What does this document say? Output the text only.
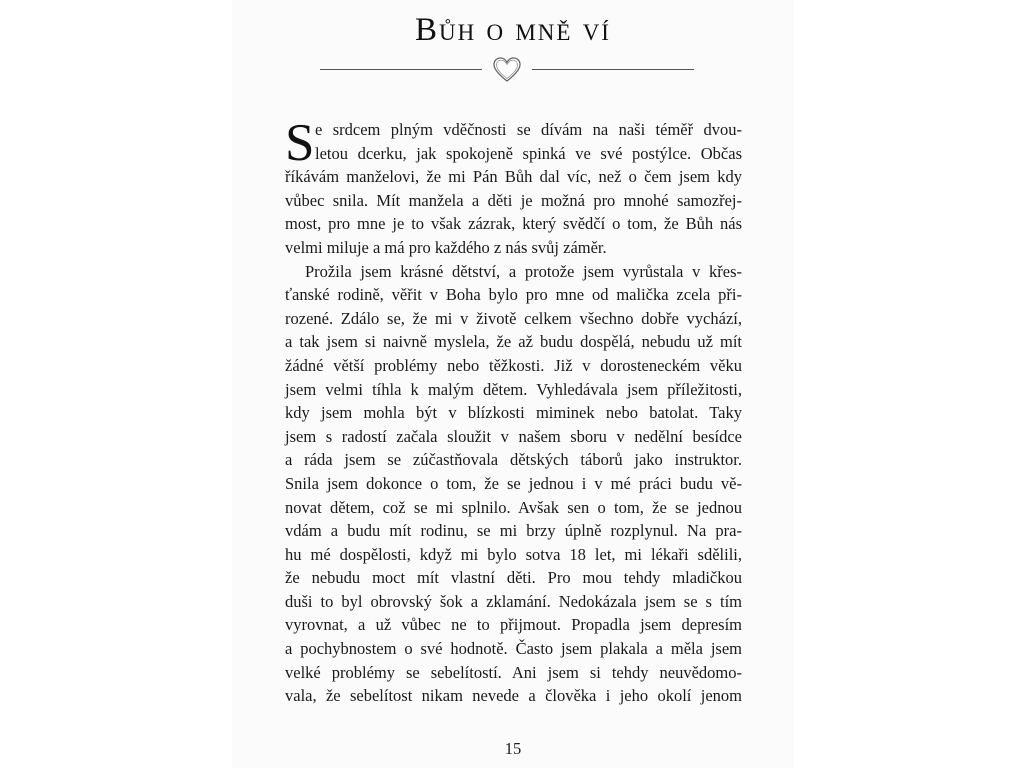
Bůh o mně ví
S e srdcem plným vděčnosti se dívám na naši téměř dvou-
letou dcerku, jak spokojeně spinká ve své postýlce. Občas
říkávám manželovi, že mi Pán Bůh dal víc, než o čem jsem kdy
vůbec snila. Mít manžela a děti je možná pro mnohé samozřej-
most, pro mne je to však zázrak, který svědčí o tom, že Bůh nás
velmi miluje a má pro každého z nás svůj záměr.
Prožila jsem krásné dětství, a protože jsem vyrůstala v křes-
ťanské rodině, věřit v Boha bylo pro mne od malička zcela při-
rozené. Zdálo se, že mi v životě celkem všechno dobře vychází,
a tak jsem si naivně myslela, že až budu dospělá, nebudu už mít
žádné větší problémy nebo těžkosti. Již v dorosteneckém věku
jsem velmi tíhla k malým dětem. Vyhledávala jsem příležitosti,
kdy jsem mohla být v blízkosti miminek nebo batolat. Taky
jsem s radostí začala sloužit v našem sboru v nedělní besídce
a ráda jsem se zúčastňovala dětských táborů jako instruktor.
Snila jsem dokonce o tom, že se jednou i v mé práci budu vě-
novat dětem, což se mi splnilo. Avšak sen o tom, že se jednou
vdám a budu mít rodinu, se mi brzy úplně rozplynul. Na pra-
hu mé dospělosti, když mi bylo sotva 18 let, mi lékaři sdělili,
že nebudu moct mít vlastní děti. Pro mou tehdy mladičkou
duši to byl obrovský šok a zklamání. Nedokázala jsem se s tím
vyrovnat, a už vůbec ne to přijmout. Propadla jsem depresím
a pochybnostem o své hodnotě. Často jsem plakala a měla jsem
velké problémy se sebelítostí. Ani jsem si tehdy neuvědomo-
vala, že sebelítost nikam nevede a člověka i jeho okolí jenom
15
